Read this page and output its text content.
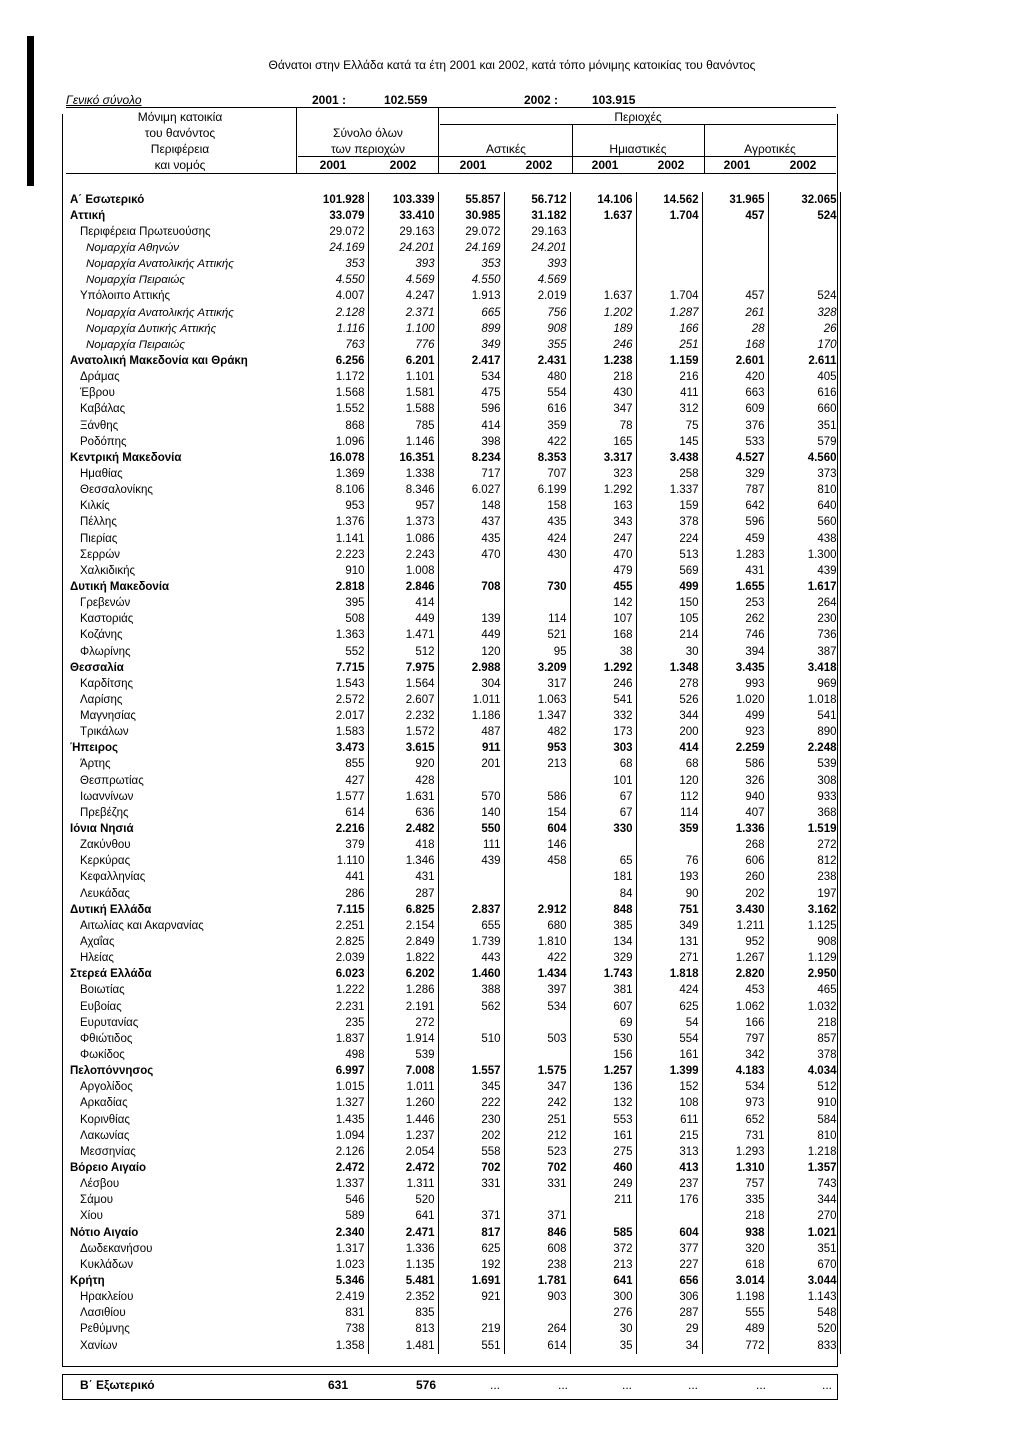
Θάνατοι στην Ελλάδα κατά τα έτη 2001 και 2002, κατά τόπο μόνιμης κατοικίας του θανόντος
Γενικό σύνολο	2001 :	102.559	2002 :	103.915
Μόνιμη κατοικία
του θανόντος
Περιφέρεια
και νομός
Σύνολο όλων
των περιοχών
Περιοχές
Αστικές	Ημιαστικές	Αγροτικές
2001	2002	2001	2002	2001	2002	2001	2002
Α΄ Εσωτερικό	101.928	103.339	55.857	56.712	14.106	14.562	31.965	32.065	
Αττική	33.079	33.410	30.985	31.182	1.637	1.704	457	524	
Περιφέρεια Πρωτευούσης	29.072	29.163	29.072	29.163					
Νομαρχία Αθηνών	24.169	24.201	24.169	24.201					
Νομαρχία Ανατολικής Αττικής	353	393	353	393					
Νομαρχία Πειραιώς	4.550	4.569	4.550	4.569					
Υπόλοιπο Αττικής	4.007	4.247	1.913	2.019	1.637	1.704	457	524	
Νομαρχία Ανατολικής Αττικής	2.128	2.371	665	756	1.202	1.287	261	328	
Νομαρχία Δυτικής Αττικής	1.116	1.100	899	908	189	166	28	26	
Νομαρχία Πειραιώς	763	776	349	355	246	251	168	170	
Ανατολική Μακεδονία και Θράκη	6.256	6.201	2.417	2.431	1.238	1.159	2.601	2.611	
Δράμας	1.172	1.101	534	480	218	216	420	405	
Έβρου	1.568	1.581	475	554	430	411	663	616	
Καβάλας	1.552	1.588	596	616	347	312	609	660	
Ξάνθης	868	785	414	359	78	75	376	351	
Ροδόπης	1.096	1.146	398	422	165	145	533	579	
Κεντρική Μακεδονία	16.078	16.351	8.234	8.353	3.317	3.438	4.527	4.560	
Ημαθίας	1.369	1.338	717	707	323	258	329	373	
Θεσσαλονίκης	8.106	8.346	6.027	6.199	1.292	1.337	787	810	
Κιλκίς	953	957	148	158	163	159	642	640	
Πέλλης	1.376	1.373	437	435	343	378	596	560	
Πιερίας	1.141	1.086	435	424	247	224	459	438	
Σερρών	2.223	2.243	470	430	470	513	1.283	1.300	
Χαλκιδικής	910	1.008			479	569	431	439	
Δυτική Μακεδονία	2.818	2.846	708	730	455	499	1.655	1.617	
Γρεβενών	395	414			142	150	253	264	
Καστοριάς	508	449	139	114	107	105	262	230	
Κοζάνης	1.363	1.471	449	521	168	214	746	736	
Φλωρίνης	552	512	120	95	38	30	394	387	
Θεσσαλία	7.715	7.975	2.988	3.209	1.292	1.348	3.435	3.418	
Καρδίτσης	1.543	1.564	304	317	246	278	993	969	
Λαρίσης	2.572	2.607	1.011	1.063	541	526	1.020	1.018	
Μαγνησίας	2.017	2.232	1.186	1.347	332	344	499	541	
Τρικάλων	1.583	1.572	487	482	173	200	923	890	
Ήπειρος	3.473	3.615	911	953	303	414	2.259	2.248	
Άρτης	855	920	201	213	68	68	586	539	
Θεσπρωτίας	427	428			101	120	326	308	
Ιωαννίνων	1.577	1.631	570	586	67	112	940	933	
Πρεβέζης	614	636	140	154	67	114	407	368	
Ιόνια Νησιά	2.216	2.482	550	604	330	359	1.336	1.519	
Ζακύνθου	379	418	111	146			268	272	
Κερκύρας	1.110	1.346	439	458	65	76	606	812	
Κεφαλληνίας	441	431			181	193	260	238	
Λευκάδας	286	287			84	90	202	197	
Δυτική Ελλάδα	7.115	6.825	2.837	2.912	848	751	3.430	3.162	
Αιτωλίας και Ακαρνανίας	2.251	2.154	655	680	385	349	1.211	1.125	
Αχαΐας	2.825	2.849	1.739	1.810	134	131	952	908	
Ηλείας	2.039	1.822	443	422	329	271	1.267	1.129	
Στερεά Ελλάδα	6.023	6.202	1.460	1.434	1.743	1.818	2.820	2.950	
Βοιωτίας	1.222	1.286	388	397	381	424	453	465	
Ευβοίας	2.231	2.191	562	534	607	625	1.062	1.032	
Ευρυτανίας	235	272			69	54	166	218	
Φθιώτιδος	1.837	1.914	510	503	530	554	797	857	
Φωκίδος	498	539			156	161	342	378	
Πελοπόννησος	6.997	7.008	1.557	1.575	1.257	1.399	4.183	4.034	
Αργολίδος	1.015	1.011	345	347	136	152	534	512	
Αρκαδίας	1.327	1.260	222	242	132	108	973	910	
Κορινθίας	1.435	1.446	230	251	553	611	652	584	
Λακωνίας	1.094	1.237	202	212	161	215	731	810	
Μεσσηνίας	2.126	2.054	558	523	275	313	1.293	1.218	
Βόρειο Αιγαίο	2.472	2.472	702	702	460	413	1.310	1.357	
Λέσβου	1.337	1.311	331	331	249	237	757	743	
Σάμου	546	520			211	176	335	344	
Χίου	589	641	371	371			218	270	
Νότιο Αιγαίο	2.340	2.471	817	846	585	604	938	1.021	
Δωδεκανήσου	1.317	1.336	625	608	372	377	320	351	
Κυκλάδων	1.023	1.135	192	238	213	227	618	670	
Κρήτη	5.346	5.481	1.691	1.781	641	656	3.014	3.044	
Ηρακλείου	2.419	2.352	921	903	300	306	1.198	1.143	
Λασιθίου	831	835			276	287	555	548	
Ρεθύμνης	738	813	219	264	30	29	489	520	
Χανίων	1.358	1.481	551	614	35	34	772	833	
Β΄ Εξωτερικό	631	576	...	...	...	...	...	...
